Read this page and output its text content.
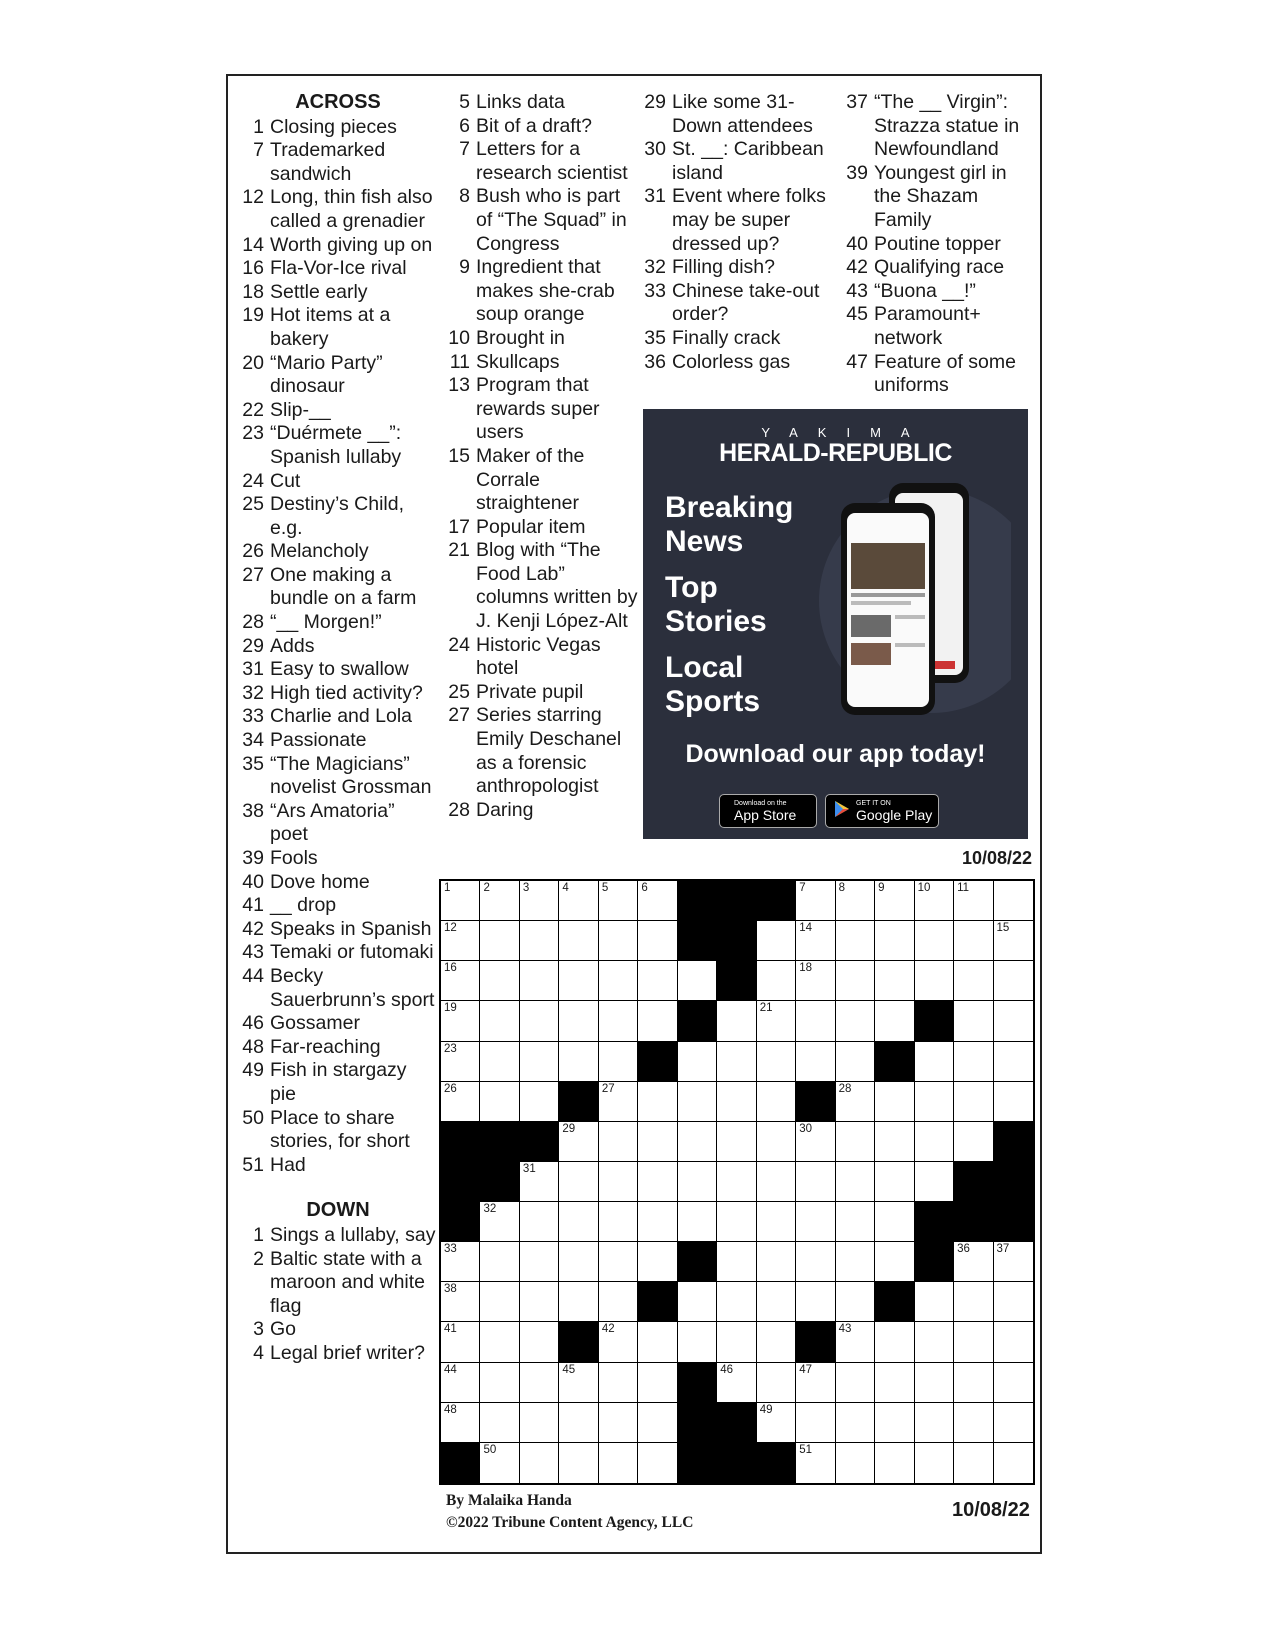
ACROSS
1 Closing pieces
7 Trademarked sandwich
12 Long, thin fish also called a grenadier
14 Worth giving up on
16 Fla-Vor-Ice rival
18 Settle early
19 Hot items at a bakery
20 “Mario Party” dinosaur
22 Slip-__
23 “Duérmete __”: Spanish lullaby
24 Cut
25 Destiny’s Child, e.g.
26 Melancholy
27 One making a bundle on a farm
28 “__ Morgen!”
29 Adds
31 Easy to swallow
32 High tied activity?
33 Charlie and Lola
34 Passionate
35 “The Magicians” novelist Grossman
38 “Ars Amatoria” poet
39 Fools
40 Dove home
41 __ drop
42 Speaks in Spanish
43 Temaki or futomaki
44 Becky Sauerbrunn’s sport
46 Gossamer
48 Far-reaching
49 Fish in stargazy pie
50 Place to share stories, for short
51 Had
DOWN
1 Sings a lullaby, say
2 Baltic state with a maroon and white flag
3 Go
4 Legal brief writer?
5 Links data
6 Bit of a draft?
7 Letters for a research scientist
8 Bush who is part of “The Squad” in Congress
9 Ingredient that makes she-crab soup orange
10 Brought in
11 Skullcaps
13 Program that rewards super users
15 Maker of the Corrale straightener
17 Popular item
21 Blog with “The Food Lab” columns written by J. Kenji López-Alt
24 Historic Vegas hotel
25 Private pupil
27 Series starring Emily Deschanel as a forensic anthropologist
28 Daring
29 Like some 31-Down attendees
30 St. __: Caribbean island
31 Event where folks may be super dressed up?
32 Filling dish?
33 Chinese take-out order?
35 Finally crack
36 Colorless gas
37 “The __ Virgin”: Strazza statue in Newfoundland
39 Youngest girl in the Shazam Family
40 Poutine topper
42 Qualifying race
43 “Buona __!”
45 Paramount+ network
47 Feature of some uniforms
YAKIMA
HERALD-REPUBLIC
Breaking
News
Top
Stories
Local
Sports
Download our app today!
Download on the
App Store
GET IT ON
Google Play
10/08/22
1	2	3	4	5	6	7	8	9	10 11
12	14	15
16	18
19	21
23
26	27	28
29	30
31
32
33	36 37
38
41	42	43
44	45	46	47
48	49
50	51
By Malaika Handa
©2022 Tribune Content Agency, LLC
10/08/22
